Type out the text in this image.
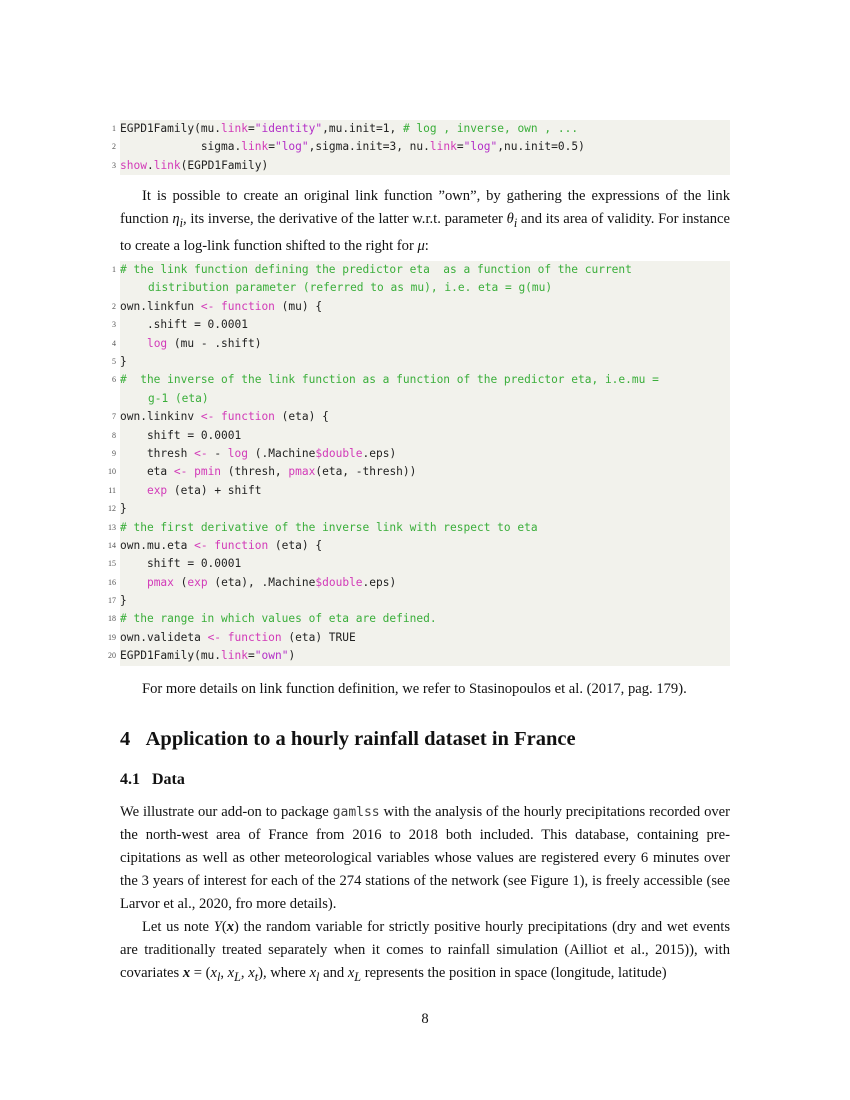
1 EGPD1Family(mu.link="identity",mu.init=1, # log , inverse, own , ...
2 sigma.link="log",sigma.init=3, nu.link="log",nu.init=0.5)
3 show.link(EGPD1Family)
It is possible to create an original link function ”own”, by gathering the expressions of the link function $\eta_i$, its inverse, the derivative of the latter w.r.t. parameter $\theta_i$ and its area of validity. For instance to create a log-link function shifted to the right for μ:
1 # the link function defining the predictor eta  as a function of the current
distribution parameter (referred to as mu), i.e. eta = g(mu)
2 own.linkfun <- function (mu) {
3 .shift = 0.0001
4	log (mu - .shift)
5 }
6 #  the inverse of the link function as a function of the predictor eta, i.e.mu =
g-1 (eta)
7 own.linkinv <- function (eta) {
8 shift = 0.0001
9 thresh <- - log (.Machine$double.eps)
10 eta <- pmin (thresh, pmax(eta, -thresh))
11	exp (eta) + shift
12 }
13 # the first derivative of the inverse link with respect to eta
14 own.mu.eta <- function (eta) {
15 shift = 0.0001
16	pmax (exp (eta), .Machine$double.eps)
17 }
18 # the range in which values of eta are defined.
19 own.valideta <- function (eta) TRUE
20 EGPD1Family(mu.link="own")
For more details on link function definition, we refer to Stasinopoulos et al. (2017, pag. 179).
4 Application to a hourly rainfall dataset in France
4.1 Data
We illustrate our add-on to package gamlss with the analysis of the hourly precipitations recorded over the north-west area of France from 2016 to 2018 both included. This database, containing pre-cipitations as well as other meteorological variables whose values are registered every 6 minutes over the 3 years of interest for each of the 274 stations of the network (see Figure 1), is freely accessible (see Larvor et al., 2020, fro more details).
Let us note Y(x) the random variable for strictly positive hourly precipitations (dry and wet events are traditionally treated separately when it comes to rainfall simulation (Ailliot et al., 2015)), with covariates $x = (x_l$, $x_L$, $x_t$), where $x_l$ and $x_L$ represents the position in space (longitude, latitude)
8
